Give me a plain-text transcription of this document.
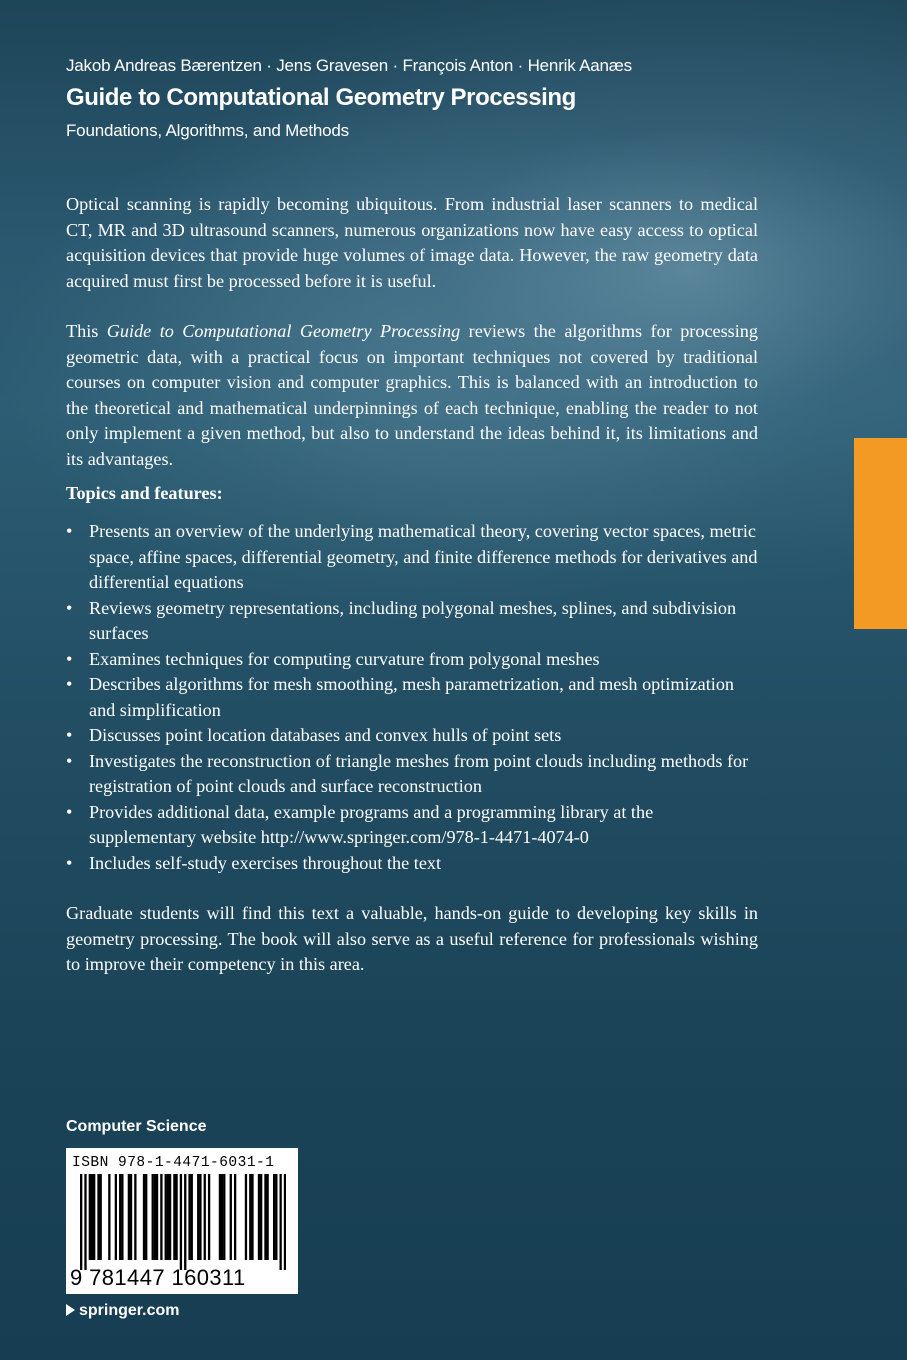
Jakob Andreas Bærentzen · Jens Gravesen · François Anton · Henrik Aanæs
Guide to Computational Geometry Processing
Foundations, Algorithms, and Methods

Optical scanning is rapidly becoming ubiquitous. From industrial laser scanners to medical CT, MR and 3D ultrasound scanners, numerous organizations now have easy access to optical acquisition devices that provide huge volumes of image data. However, the raw geometry data acquired must first be processed before it is useful.

This Guide to Computational Geometry Processing reviews the algorithms for processing geometric data, with a practical focus on important techniques not covered by traditional courses on computer vision and computer graphics. This is balanced with an introduction to the theoretical and mathematical underpinnings of each technique, enabling the reader to not only implement a given method, but also to understand the ideas behind it, its limitations and its advantages.

Topics and features:

• Presents an overview of the underlying mathematical theory, covering vector spaces, metric space, affine spaces, differential geometry, and finite difference methods for derivatives and differential equations
• Reviews geometry representations, including polygonal meshes, splines, and subdivision surfaces
• Examines techniques for computing curvature from polygonal meshes
• Describes algorithms for mesh smoothing, mesh parametrization, and mesh optimization and simplification
• Discusses point location databases and convex hulls of point sets
• Investigates the reconstruction of triangle meshes from point clouds including methods for registration of point clouds and surface reconstruction
• Provides additional data, example programs and a programming library at the supplementary website http://www.springer.com/978-1-4471-4074-0
• Includes self-study exercises throughout the text

Graduate students will find this text a valuable, hands-on guide to developing key skills in geometry processing. The book will also serve as a useful reference for professionals wishing to improve their competency in this area.

Computer Science
ISBN 978-1-4471-6031-1
9 781447 160311
springer.com
